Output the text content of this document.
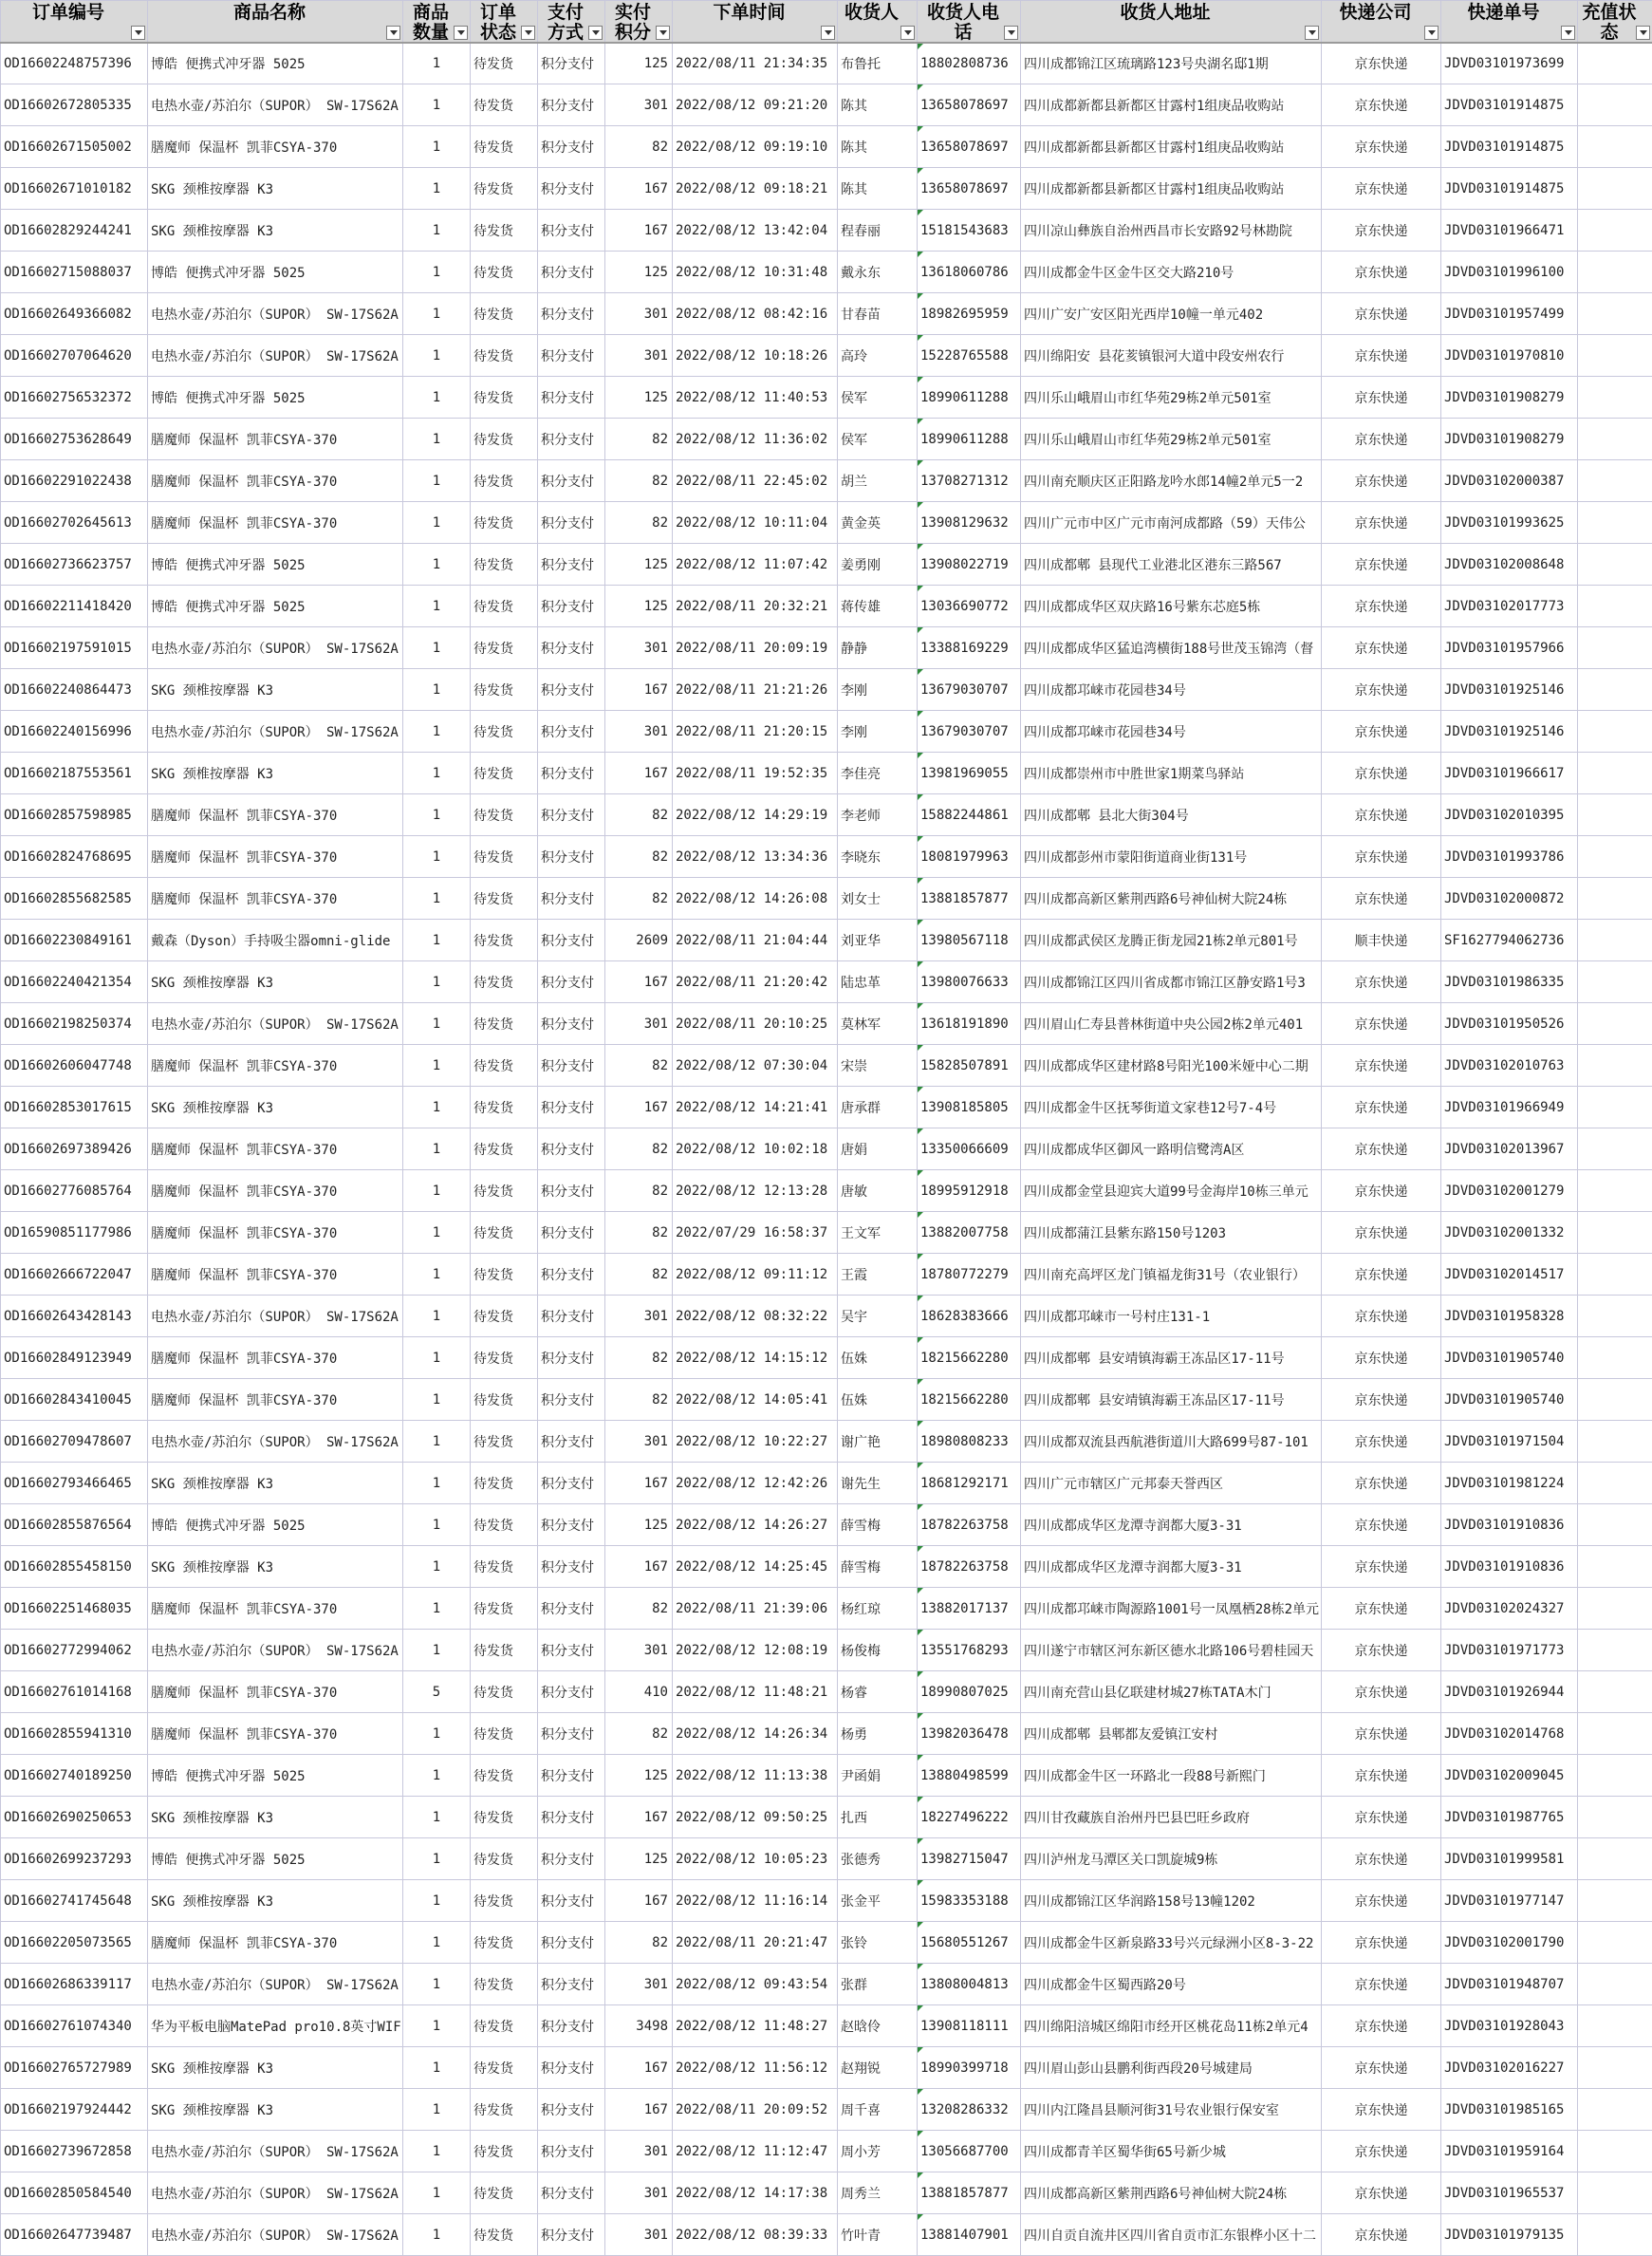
订单编号	商品名称	商品数量	订单状态	支付方式	实付积分	下单时间	收货人	收货人电话	收货人地址	快递公司	快递单号	充值状态

OD16602248757396	博皓 便携式冲牙器 5025	1	待发货	积分支付	125	2022/08/11 21:34:35	布鲁托	18802808736	四川成都锦江区琉璃路123号央湖名邸1期	京东快递	JDVD03101973699	
OD16602672805335	电热水壶/苏泊尔（SUPOR） SW-17S62A	1	待发货	积分支付	301	2022/08/12 09:21:20	陈其	13658078697	四川成都新都县新都区甘露村1组庚品收购站	京东快递	JDVD03101914875	
OD16602671505002	膳魔师 保温杯 凯菲CSYA-370	1	待发货	积分支付	82	2022/08/12 09:19:10	陈其	13658078697	四川成都新都县新都区甘露村1组庚品收购站	京东快递	JDVD03101914875	
OD16602671010182	SKG 颈椎按摩器 K3	1	待发货	积分支付	167	2022/08/12 09:18:21	陈其	13658078697	四川成都新都县新都区甘露村1组庚品收购站	京东快递	JDVD03101914875	
OD16602829244241	SKG 颈椎按摩器 K3	1	待发货	积分支付	167	2022/08/12 13:42:04	程春丽	15181543683	四川凉山彝族自治州西昌市长安路92号林勘院	京东快递	JDVD03101966471	
OD16602715088037	博皓 便携式冲牙器 5025	1	待发货	积分支付	125	2022/08/12 10:31:48	戴永东	13618060786	四川成都金牛区金牛区交大路210号	京东快递	JDVD03101996100	
OD16602649366082	电热水壶/苏泊尔（SUPOR） SW-17S62A	1	待发货	积分支付	301	2022/08/12 08:42:16	甘春苗	18982695959	四川广安广安区阳光西岸10幢一单元402	京东快递	JDVD03101957499	
OD16602707064620	电热水壶/苏泊尔（SUPOR） SW-17S62A	1	待发货	积分支付	301	2022/08/12 10:18:26	高玲	15228765588	四川绵阳安 县花荄镇银河大道中段安州农行	京东快递	JDVD03101970810	
OD16602756532372	博皓 便携式冲牙器 5025	1	待发货	积分支付	125	2022/08/12 11:40:53	侯军	18990611288	四川乐山峨眉山市红华苑29栋2单元501室	京东快递	JDVD03101908279	
OD16602753628649	膳魔师 保温杯 凯菲CSYA-370	1	待发货	积分支付	82	2022/08/12 11:36:02	侯军	18990611288	四川乐山峨眉山市红华苑29栋2单元501室	京东快递	JDVD03101908279	
OD16602291022438	膳魔师 保温杯 凯菲CSYA-370	1	待发货	积分支付	82	2022/08/11 22:45:02	胡兰	13708271312	四川南充顺庆区正阳路龙吟水郎14幢2单元5一2	京东快递	JDVD03102000387	
OD16602702645613	膳魔师 保温杯 凯菲CSYA-370	1	待发货	积分支付	82	2022/08/12 10:11:04	黄金英	13908129632	四川广元市中区广元市南河成都路（59）天伟公	京东快递	JDVD03101993625	
OD16602736623757	博皓 便携式冲牙器 5025	1	待发货	积分支付	125	2022/08/12 11:07:42	姜勇刚	13908022719	四川成都郫 县现代工业港北区港东三路567	京东快递	JDVD03102008648	
OD16602211418420	博皓 便携式冲牙器 5025	1	待发货	积分支付	125	2022/08/11 20:32:21	蒋传雄	13036690772	四川成都成华区双庆路16号紫东芯庭5栋	京东快递	JDVD03102017773	
OD16602197591015	电热水壶/苏泊尔（SUPOR） SW-17S62A	1	待发货	积分支付	301	2022/08/11 20:09:19	静静	13388169229	四川成都成华区猛追湾横街188号世茂玉锦湾（督	京东快递	JDVD03101957966	
OD16602240864473	SKG 颈椎按摩器 K3	1	待发货	积分支付	167	2022/08/11 21:21:26	李刚	13679030707	四川成都邛崃市花园巷34号	京东快递	JDVD03101925146	
OD16602240156996	电热水壶/苏泊尔（SUPOR） SW-17S62A	1	待发货	积分支付	301	2022/08/11 21:20:15	李刚	13679030707	四川成都邛崃市花园巷34号	京东快递	JDVD03101925146	
OD16602187553561	SKG 颈椎按摩器 K3	1	待发货	积分支付	167	2022/08/11 19:52:35	李佳亮	13981969055	四川成都崇州市中胜世家1期菜鸟驿站	京东快递	JDVD03101966617	
OD16602857598985	膳魔师 保温杯 凯菲CSYA-370	1	待发货	积分支付	82	2022/08/12 14:29:19	李老师	15882244861	四川成都郫 县北大街304号	京东快递	JDVD03102010395	
OD16602824768695	膳魔师 保温杯 凯菲CSYA-370	1	待发货	积分支付	82	2022/08/12 13:34:36	李晓东	18081979963	四川成都彭州市蒙阳街道商业街131号	京东快递	JDVD03101993786	
OD16602855682585	膳魔师 保温杯 凯菲CSYA-370	1	待发货	积分支付	82	2022/08/12 14:26:08	刘女士	13881857877	四川成都高新区紫荆西路6号神仙树大院24栋	京东快递	JDVD03102000872	
OD16602230849161	戴森（Dyson）手持吸尘器omni-glide	1	待发货	积分支付	2609	2022/08/11 21:04:44	刘亚华	13980567118	四川成都武侯区龙腾正街龙园21栋2单元801号	顺丰快递	SF1627794062736	
OD16602240421354	SKG 颈椎按摩器 K3	1	待发货	积分支付	167	2022/08/11 21:20:42	陆忠革	13980076633	四川成都锦江区四川省成都市锦江区静安路1号3	京东快递	JDVD03101986335	
OD16602198250374	电热水壶/苏泊尔（SUPOR） SW-17S62A	1	待发货	积分支付	301	2022/08/11 20:10:25	莫林军	13618191890	四川眉山仁寿县普林街道中央公园2栋2单元401	京东快递	JDVD03101950526	
OD16602606047748	膳魔师 保温杯 凯菲CSYA-370	1	待发货	积分支付	82	2022/08/12 07:30:04	宋崇	15828507891	四川成都成华区建材路8号阳光100米娅中心二期	京东快递	JDVD03102010763	
OD16602853017615	SKG 颈椎按摩器 K3	1	待发货	积分支付	167	2022/08/12 14:21:41	唐承群	13908185805	四川成都金牛区抚琴街道文家巷12号7-4号	京东快递	JDVD03101966949	
OD16602697389426	膳魔师 保温杯 凯菲CSYA-370	1	待发货	积分支付	82	2022/08/12 10:02:18	唐娟	13350066609	四川成都成华区御风一路明信鹭湾A区	京东快递	JDVD03102013967	
OD16602776085764	膳魔师 保温杯 凯菲CSYA-370	1	待发货	积分支付	82	2022/08/12 12:13:28	唐敏	18995912918	四川成都金堂县迎宾大道99号金海岸10栋三单元	京东快递	JDVD03102001279	
OD16590851177986	膳魔师 保温杯 凯菲CSYA-370	1	待发货	积分支付	82	2022/07/29 16:58:37	王文军	13882007758	四川成都蒲江县紫东路150号1203	京东快递	JDVD03102001332	
OD16602666722047	膳魔师 保温杯 凯菲CSYA-370	1	待发货	积分支付	82	2022/08/12 09:11:12	王霞	18780772279	四川南充高坪区龙门镇福龙街31号（农业银行）	京东快递	JDVD03102014517	
OD16602643428143	电热水壶/苏泊尔（SUPOR） SW-17S62A	1	待发货	积分支付	301	2022/08/12 08:32:22	吴宇	18628383666	四川成都邛崃市一号村庄131-1	京东快递	JDVD03101958328	
OD16602849123949	膳魔师 保温杯 凯菲CSYA-370	1	待发货	积分支付	82	2022/08/12 14:15:12	伍姝	18215662280	四川成都郫 县安靖镇海霸王冻品区17-11号	京东快递	JDVD03101905740	
OD16602843410045	膳魔师 保温杯 凯菲CSYA-370	1	待发货	积分支付	82	2022/08/12 14:05:41	伍姝	18215662280	四川成都郫 县安靖镇海霸王冻品区17-11号	京东快递	JDVD03101905740	
OD16602709478607	电热水壶/苏泊尔（SUPOR） SW-17S62A	1	待发货	积分支付	301	2022/08/12 10:22:27	谢广艳	18980808233	四川成都双流县西航港街道川大路699号87-101	京东快递	JDVD03101971504	
OD16602793466465	SKG 颈椎按摩器 K3	1	待发货	积分支付	167	2022/08/12 12:42:26	谢先生	18681292171	四川广元市辖区广元邦泰天誉西区	京东快递	JDVD03101981224	
OD16602855876564	博皓 便携式冲牙器 5025	1	待发货	积分支付	125	2022/08/12 14:26:27	薛雪梅	18782263758	四川成都成华区龙潭寺润都大厦3-31	京东快递	JDVD03101910836	
OD16602855458150	SKG 颈椎按摩器 K3	1	待发货	积分支付	167	2022/08/12 14:25:45	薛雪梅	18782263758	四川成都成华区龙潭寺润都大厦3-31	京东快递	JDVD03101910836	
OD16602251468035	膳魔师 保温杯 凯菲CSYA-370	1	待发货	积分支付	82	2022/08/11 21:39:06	杨红琼	13882017137	四川成都邛崃市陶源路1001号一凤凰栖28栋2单元	京东快递	JDVD03102024327	
OD16602772994062	电热水壶/苏泊尔（SUPOR） SW-17S62A	1	待发货	积分支付	301	2022/08/12 12:08:19	杨俊梅	13551768293	四川遂宁市辖区河东新区德水北路106号碧桂园天	京东快递	JDVD03101971773	
OD16602761014168	膳魔师 保温杯 凯菲CSYA-370	5	待发货	积分支付	410	2022/08/12 11:48:21	杨睿	18990807025	四川南充营山县亿联建材城27栋TATA木门	京东快递	JDVD03101926944	
OD16602855941310	膳魔师 保温杯 凯菲CSYA-370	1	待发货	积分支付	82	2022/08/12 14:26:34	杨勇	13982036478	四川成都郫 县郫都友爱镇江安村	京东快递	JDVD03102014768	
OD16602740189250	博皓 便携式冲牙器 5025	1	待发货	积分支付	125	2022/08/12 11:13:38	尹函娟	13880498599	四川成都金牛区一环路北一段88号新熙门	京东快递	JDVD03102009045	
OD16602690250653	SKG 颈椎按摩器 K3	1	待发货	积分支付	167	2022/08/12 09:50:25	扎西	18227496222	四川甘孜藏族自治州丹巴县巴旺乡政府	京东快递	JDVD03101987765	
OD16602699237293	博皓 便携式冲牙器 5025	1	待发货	积分支付	125	2022/08/12 10:05:23	张德秀	13982715047	四川泸州龙马潭区关口凯旋城9栋	京东快递	JDVD03101999581	
OD16602741745648	SKG 颈椎按摩器 K3	1	待发货	积分支付	167	2022/08/12 11:16:14	张金平	15983353188	四川成都锦江区华润路158号13幢1202	京东快递	JDVD03101977147	
OD16602205073565	膳魔师 保温杯 凯菲CSYA-370	1	待发货	积分支付	82	2022/08/11 20:21:47	张铃	15680551267	四川成都金牛区新泉路33号兴元绿洲小区8-3-22	京东快递	JDVD03102001790	
OD16602686339117	电热水壶/苏泊尔（SUPOR） SW-17S62A	1	待发货	积分支付	301	2022/08/12 09:43:54	张群	13808004813	四川成都金牛区蜀西路20号	京东快递	JDVD03101948707	
OD16602761074340	华为平板电脑MatePad pro10.8英寸WIF	1	待发货	积分支付	3498	2022/08/12 11:48:27	赵晗伶	13908118111	四川绵阳涪城区绵阳市经开区桃花岛11栋2单元4	京东快递	JDVD03101928043	
OD16602765727989	SKG 颈椎按摩器 K3	1	待发货	积分支付	167	2022/08/12 11:56:12	赵翔锐	18990399718	四川眉山彭山县鹏利街西段20号城建局	京东快递	JDVD03102016227	
OD16602197924442	SKG 颈椎按摩器 K3	1	待发货	积分支付	167	2022/08/11 20:09:52	周千喜	13208286332	四川内江隆昌县顺河街31号农业银行保安室	京东快递	JDVD03101985165	
OD16602739672858	电热水壶/苏泊尔（SUPOR） SW-17S62A	1	待发货	积分支付	301	2022/08/12 11:12:47	周小芳	13056687700	四川成都青羊区蜀华街65号新少城	京东快递	JDVD03101959164	
OD16602850584540	电热水壶/苏泊尔（SUPOR） SW-17S62A	1	待发货	积分支付	301	2022/08/12 14:17:38	周秀兰	13881857877	四川成都高新区紫荆西路6号神仙树大院24栋	京东快递	JDVD03101965537	
OD16602647739487	电热水壶/苏泊尔（SUPOR） SW-17S62A	1	待发货	积分支付	301	2022/08/12 08:39:33	竹叶青	13881407901	四川自贡自流井区四川省自贡市汇东银桦小区十二	京东快递	JDVD03101979135	
